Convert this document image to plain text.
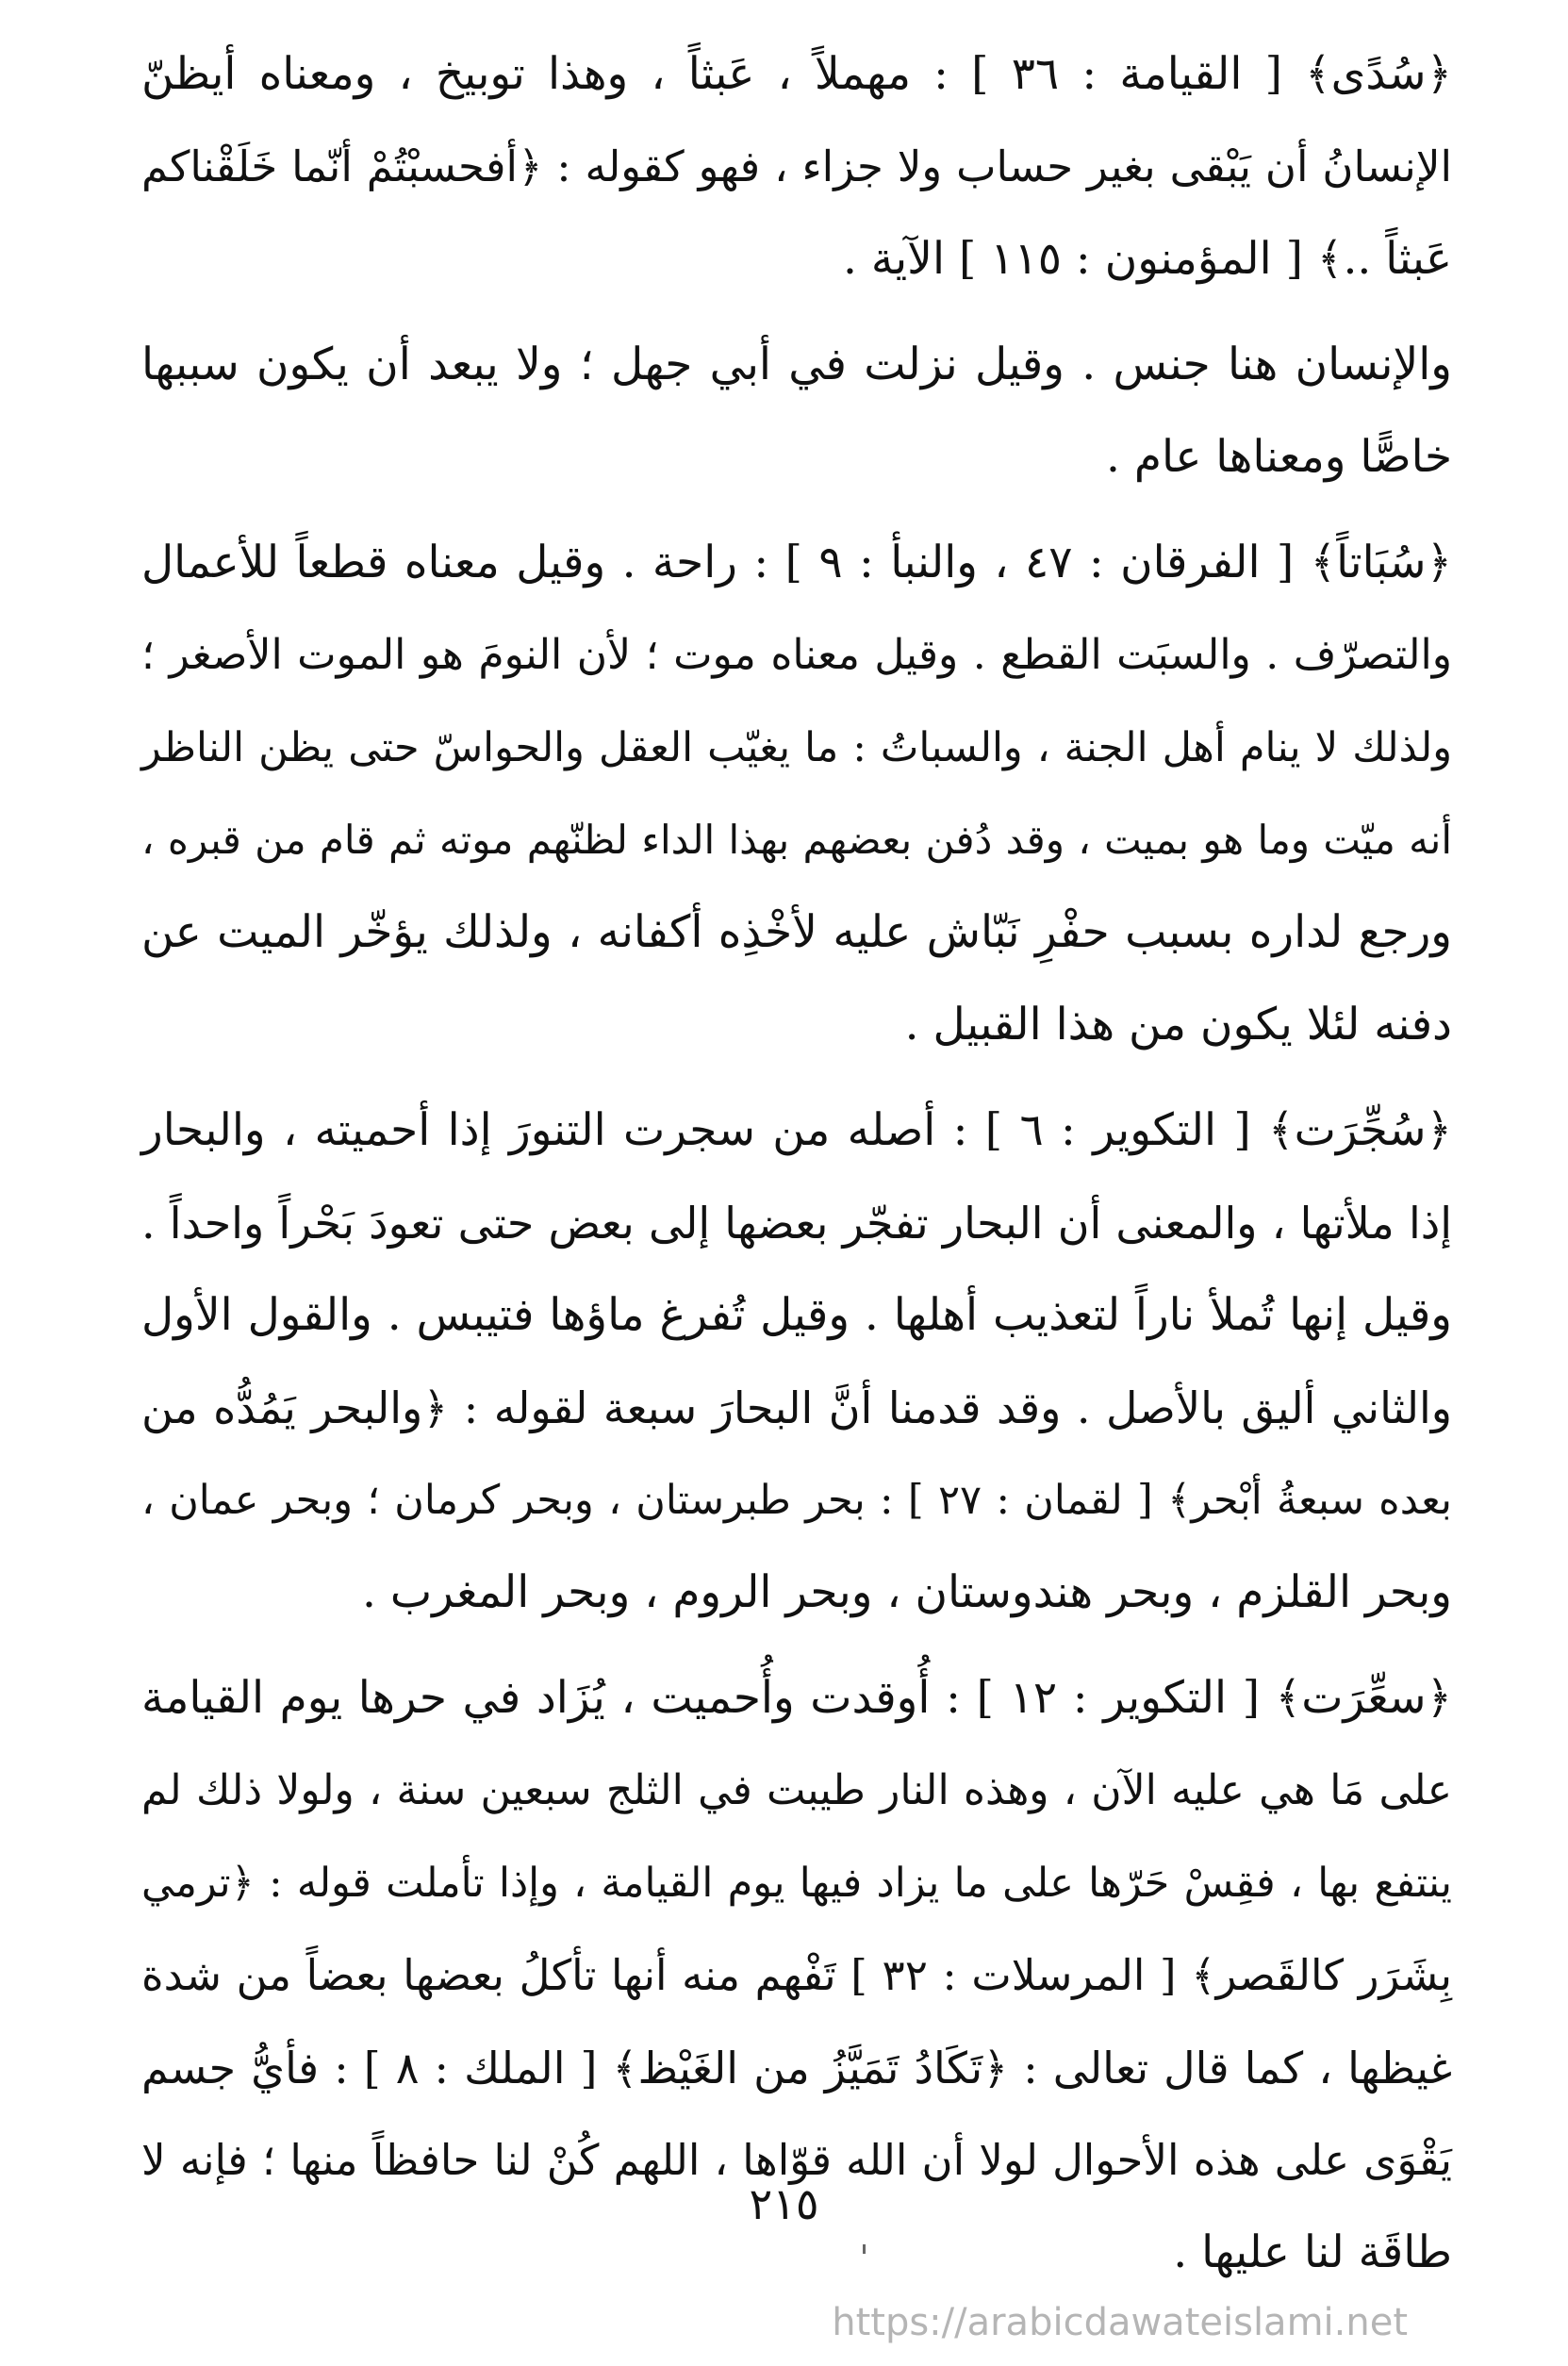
﴿سُدًى﴾ [ القيامة : ٣٦ ] : مهملاً ، عَبثاً ، وهذا توبيخ ، ومعناه أيظنّ
الإنسانُ أن يَبْقى بغير حساب ولا جزاء ، فهو كقوله : ﴿أفحسبْتُمْ أنّما خَلَقْناكم
عَبثاً ..﴾ [ المؤمنون : ١١٥ ] الآية .

والإنسان هنا جنس . وقيل نزلت في أبي جهل ؛ ولا يبعد أن يكون سببها
خاصًّا ومعناها عام .

﴿سُبَاتاً﴾ [ الفرقان : ٤٧ ، والنبأ : ٩ ] : راحة . وقيل معناه قطعاً للأعمال
والتصرّف . والسبَت القطع . وقيل معناه موت ؛ لأن النومَ هو الموت الأصغر ؛
ولذلك لا ينام أهل الجنة ، والسباتُ : ما يغيّب العقل والحواسّ حتى يظن الناظر
أنه ميّت وما هو بميت ، وقد دُفن بعضهم بهذا الداء لظنّهم موته ثم قام من قبره ،
ورجع لداره بسبب حفْرِ نَبّاش عليه لأخْذِه أكفانه ، ولذلك يؤخّر الميت عن
دفنه لئلا يكون من هذا القبيل .

﴿سُجِّرَت﴾ [ التكوير : ٦ ] : أصله من سجرت التنورَ إذا أحميته ، والبحار
إذا ملأتها ، والمعنى أن البحار تفجّر بعضها إلى بعض حتى تعودَ بَحْراً واحداً .
وقيل إنها تُملأ ناراً لتعذيب أهلها . وقيل تُفرغ ماؤها فتيبس . والقول الأول
والثاني أليق بالأصل . وقد قدمنا أنَّ البحارَ سبعة لقوله : ﴿والبحر يَمُدُّه من
بعده سبعةُ أبْحر﴾ [ لقمان : ٢٧ ] : بحر طبرستان ، وبحر كرمان ؛ وبحر عمان ،
وبحر القلزم ، وبحر هندوستان ، وبحر الروم ، وبحر المغرب .

﴿سعِّرَت﴾ [ التكوير : ١٢ ] : أُوقدت وأُحميت ، يُزَاد في حرها يوم القيامة
على مَا هي عليه الآن ، وهذه النار طيبت في الثلج سبعين سنة ، ولولا ذلك لم
ينتفع بها ، فقِسْ حَرّها على ما يزاد فيها يوم القيامة ، وإذا تأملت قوله : ﴿ترمي
بِشَرَر كالقَصر﴾ [ المرسلات : ٣٢ ] تَفْهم منه أنها تأكلُ بعضها بعضاً من شدة
غيظها ، كما قال تعالى : ﴿تَكَادُ تَمَيَّزُ من الغَيْظ﴾ [ الملك : ٨ ] : فأيُّ جسم
يَقْوَى على هذه الأحوال لولا أن الله قوّاها ، اللهم كُنْ لنا حافظاً منها ؛ فإنه لا
طاقَة لنا عليها .

٢١٥
https://arabicdawateislami.net
